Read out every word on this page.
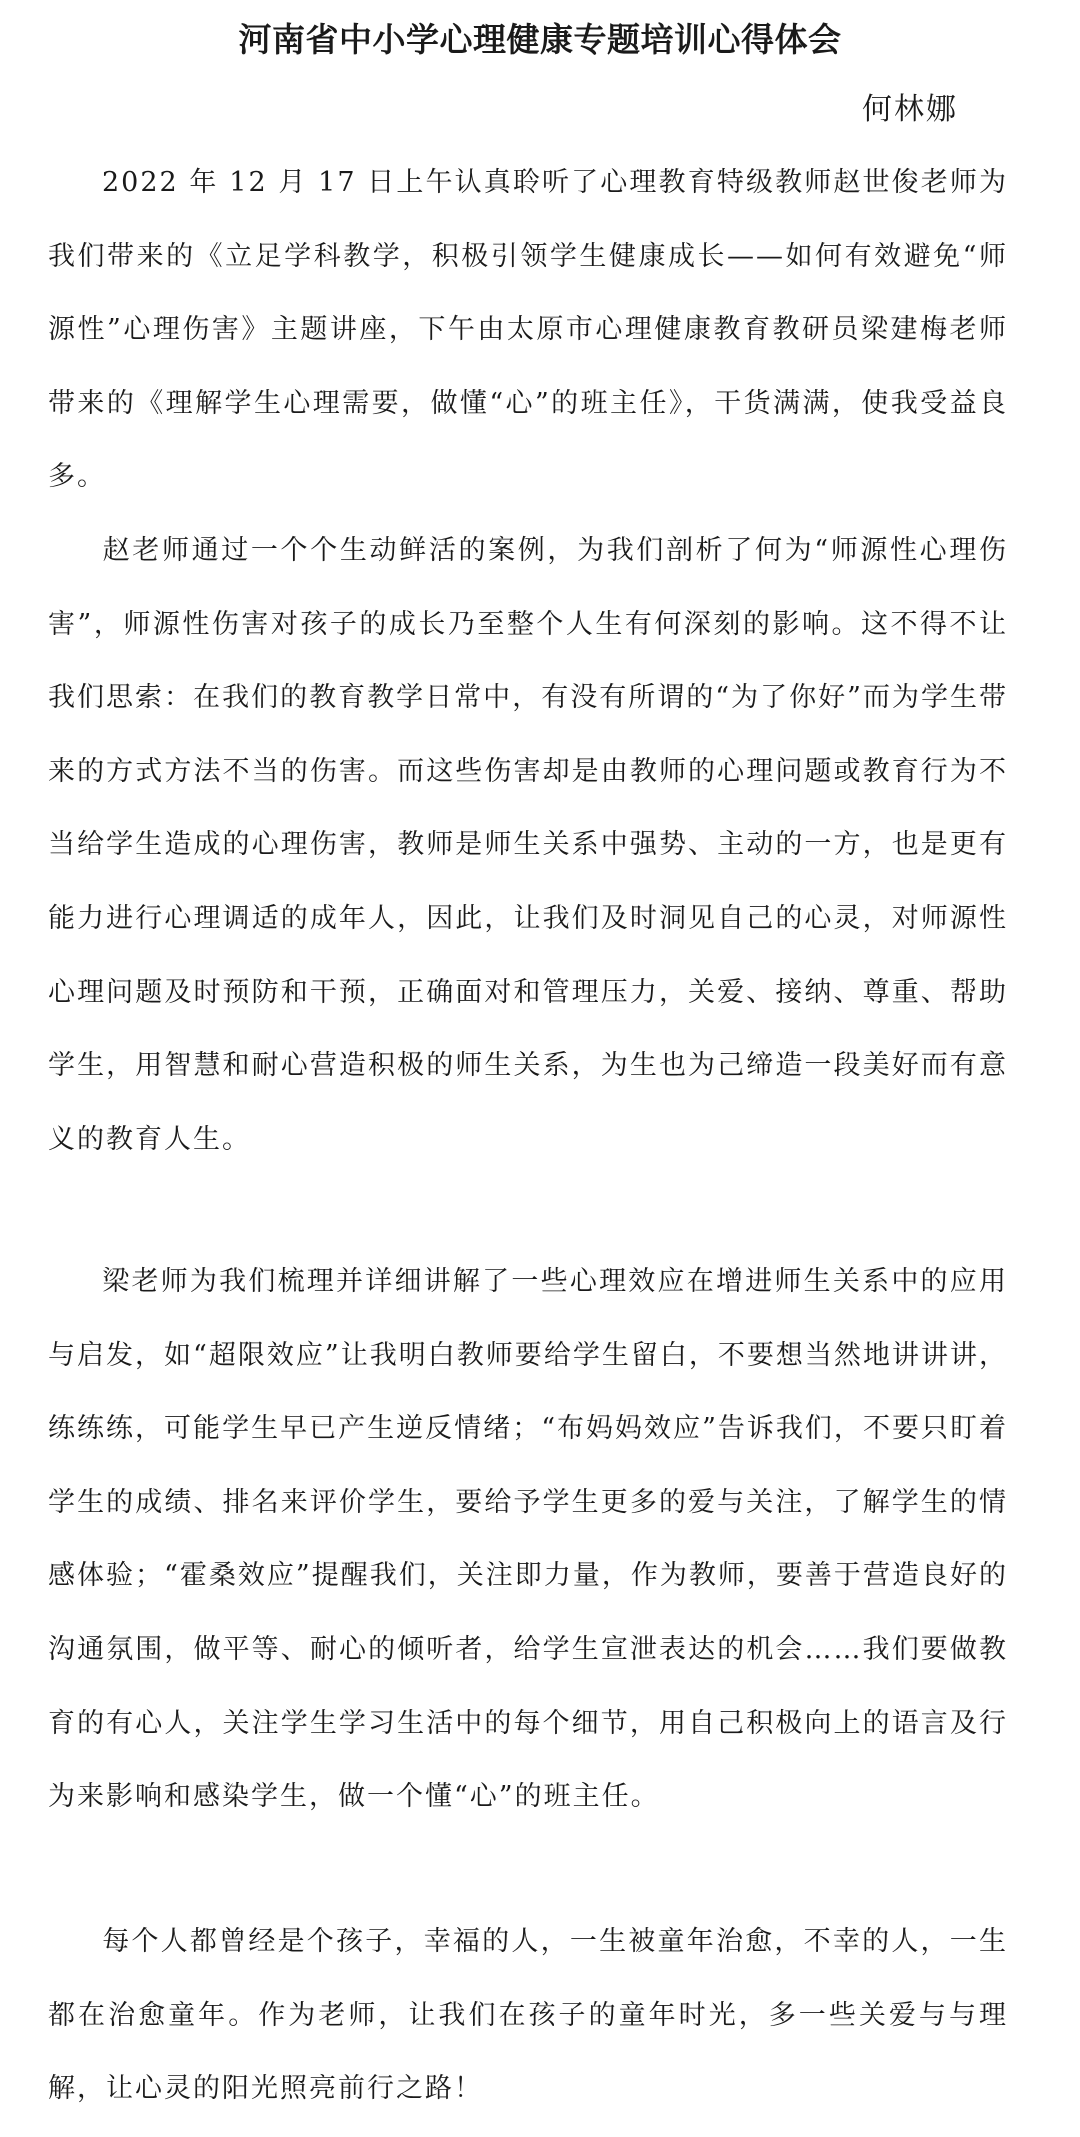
河南省中小学心理健康专题培训心得体会
何林娜

2022 年 12 月 17 日上午认真聆听了心理教育特级教师赵世俊老师为我们带来的《立足学科教学，积极引领学生健康成长——如何有效避免“师源性”心理伤害》主题讲座，下午由太原市心理健康教育教研员梁建梅老师带来的《理解学生心理需要，做懂“心”的班主任》，干货满满，使我受益良多。

赵老师通过一个个生动鲜活的案例，为我们剖析了何为“师源性心理伤害”，师源性伤害对孩子的成长乃至整个人生有何深刻的影响。这不得不让我们思索：在我们的教育教学日常中，有没有所谓的“为了你好”而为学生带来的方式方法不当的伤害。而这些伤害却是由教师的心理问题或教育行为不当给学生造成的心理伤害，教师是师生关系中强势、主动的一方，也是更有能力进行心理调适的成年人，因此，让我们及时洞见自己的心灵，对师源性心理问题及时预防和干预，正确面对和管理压力，关爱、接纳、尊重、帮助学生，用智慧和耐心营造积极的师生关系，为生也为己缔造一段美好而有意义的教育人生。

梁老师为我们梳理并详细讲解了一些心理效应在增进师生关系中的应用与启发，如“超限效应”让我明白教师要给学生留白，不要想当然地讲讲讲，练练练，可能学生早已产生逆反情绪；“布妈妈效应”告诉我们，不要只盯着学生的成绩、排名来评价学生，要给予学生更多的爱与关注，了解学生的情感体验；“霍桑效应”提醒我们，关注即力量，作为教师，要善于营造良好的沟通氛围，做平等、耐心的倾听者，给学生宣泄表达的机会……我们要做教育的有心人，关注学生学习生活中的每个细节，用自己积极向上的语言及行为来影响和感染学生，做一个懂“心”的班主任。

每个人都曾经是个孩子，幸福的人，一生被童年治愈，不幸的人，一生都在治愈童年。作为老师，让我们在孩子的童年时光，多一些关爱与与理解，让心灵的阳光照亮前行之路！
